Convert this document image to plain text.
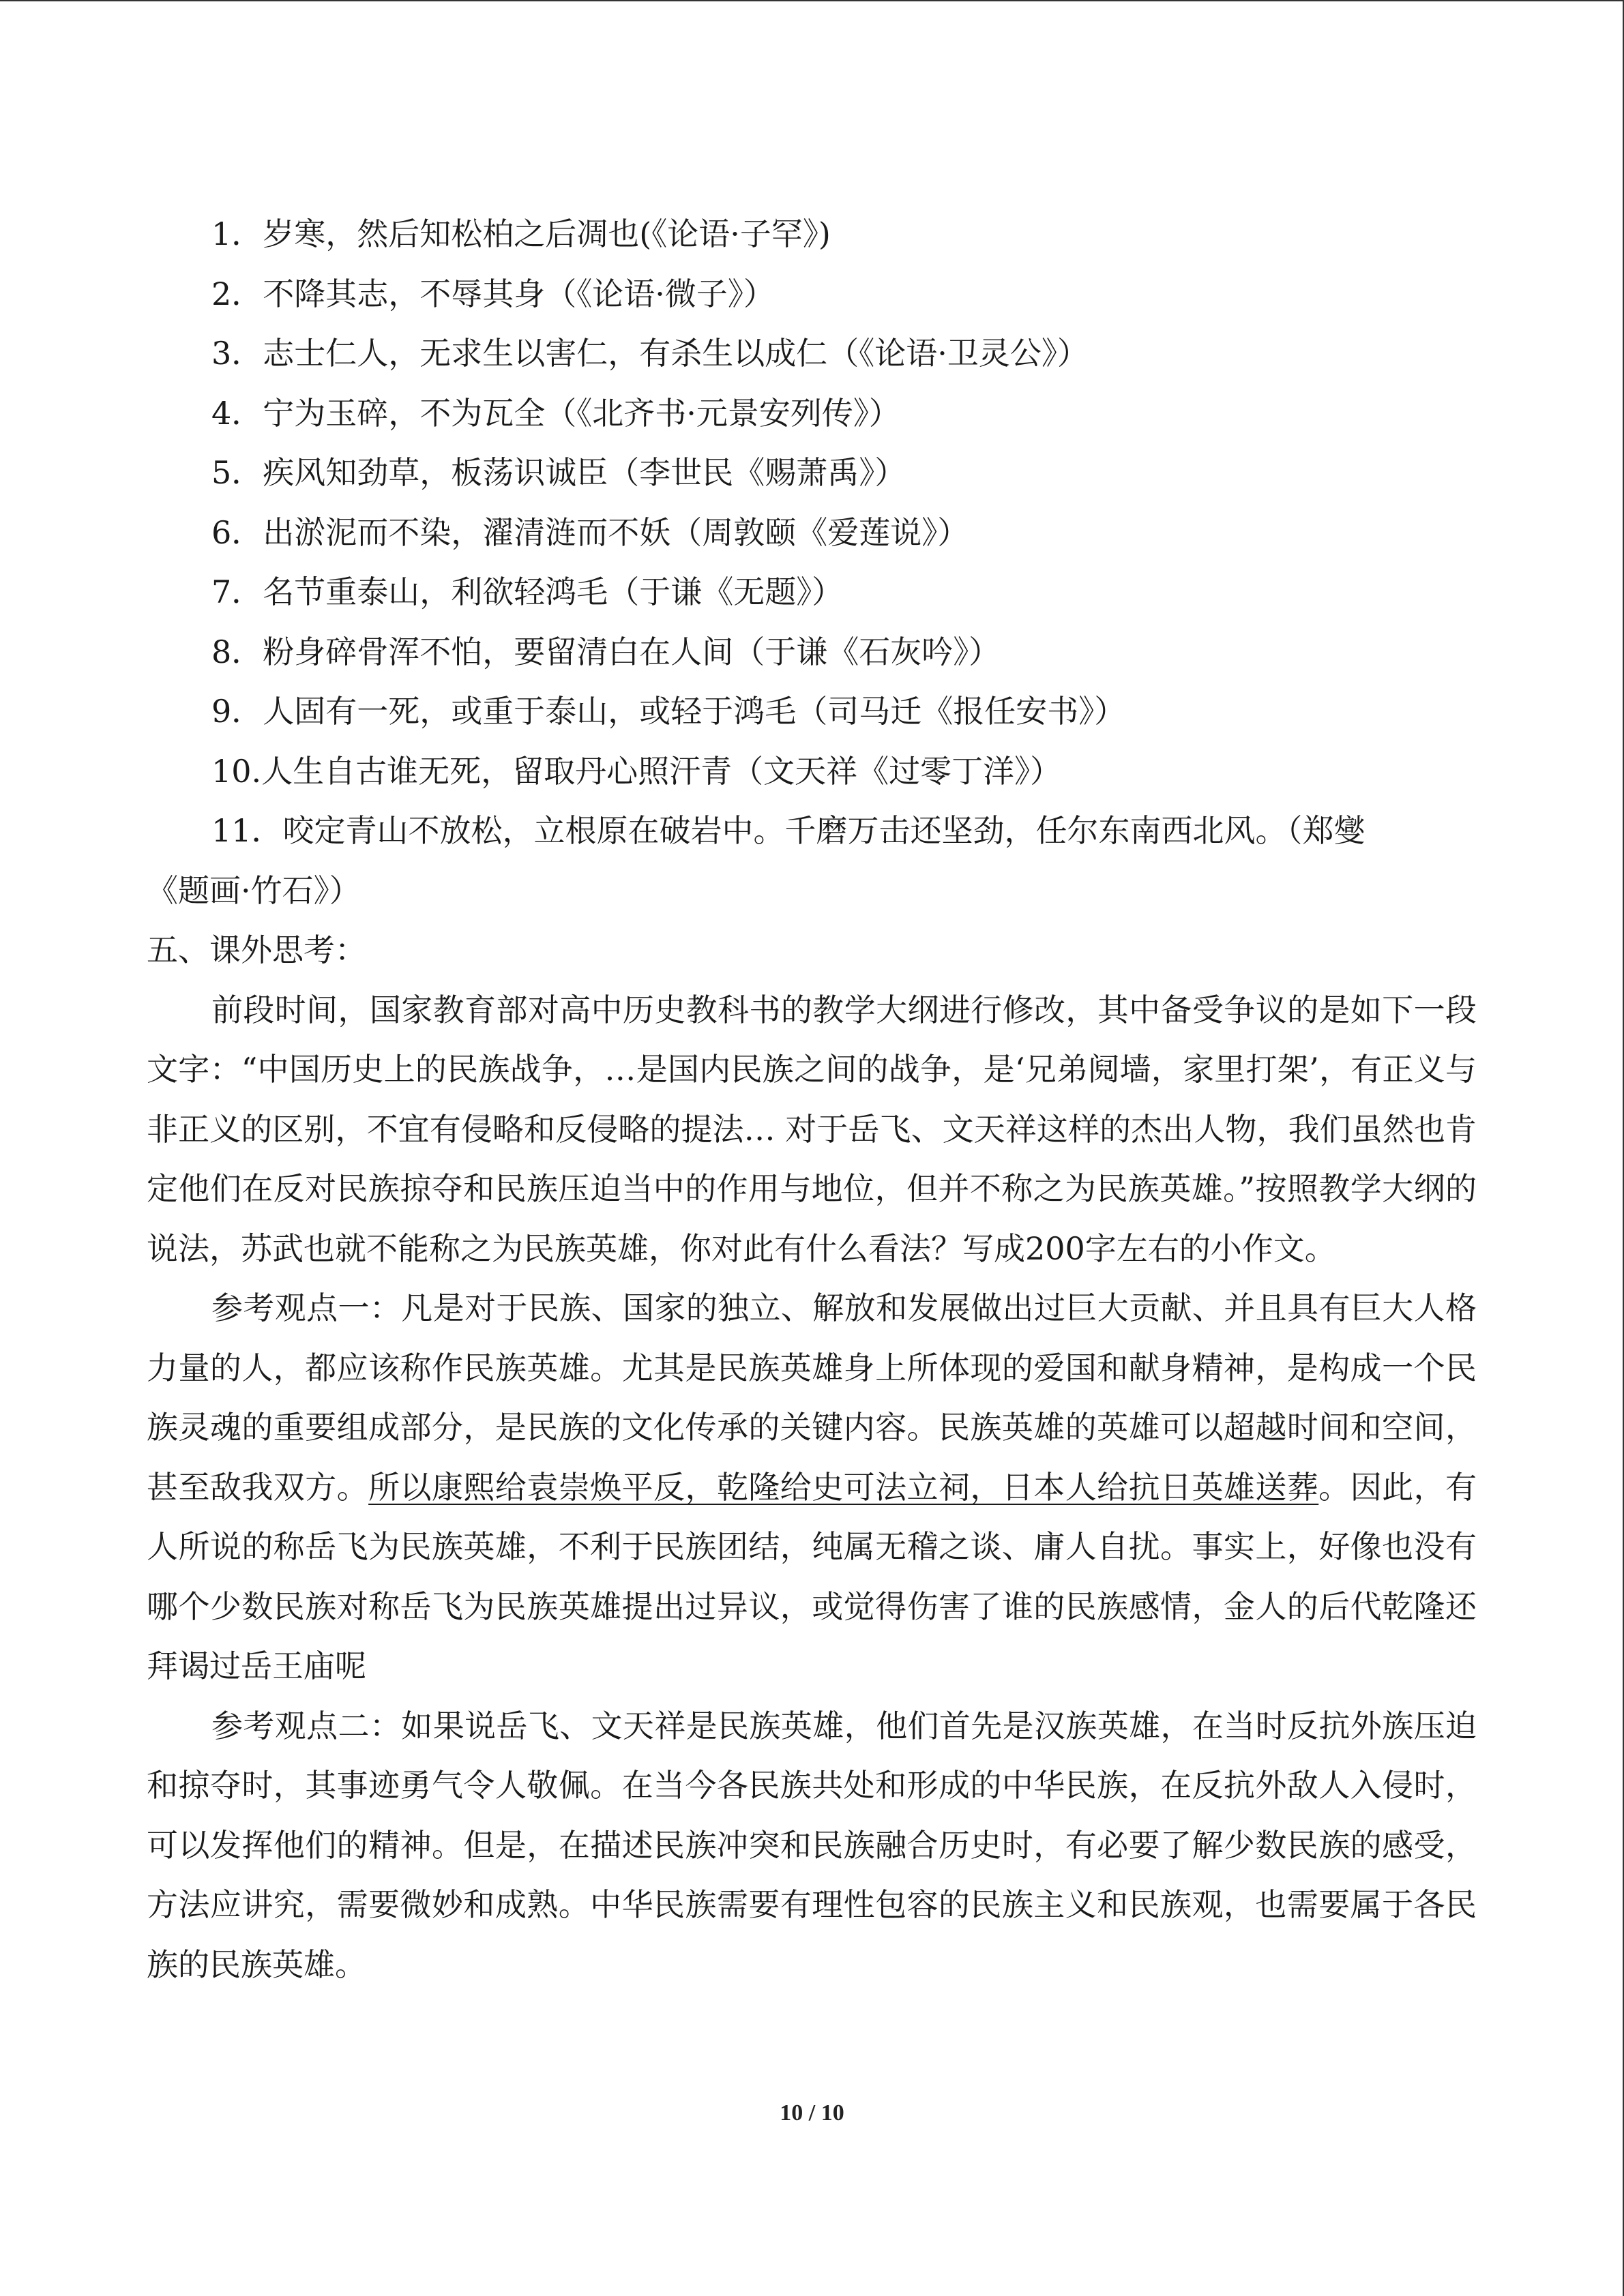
1．岁寒，然后知松柏之后凋也(《论语·子罕》)

2．不降其志，不辱其身（《论语·微子》）

3．志士仁人，无求生以害仁，有杀生以成仁（《论语·卫灵公》）

4．宁为玉碎，不为瓦全（《北齐书·元景安列传》）

5．疾风知劲草，板荡识诚臣（李世民《赐萧禹》）

6．出淤泥而不染，濯清涟而不妖（周敦颐《爱莲说》）

7．名节重泰山，利欲轻鸿毛（于谦《无题》）

8．粉身碎骨浑不怕，要留清白在人间（于谦《石灰吟》）

9．人固有一死，或重于泰山，或轻于鸿毛（司马迁《报任安书》）

10.人生自古谁无死，留取丹心照汗青（文天祥《过零丁洋》）

11．咬定青山不放松，立根原在破岩中。千磨万击还坚劲，任尔东南西北风。（郑燮

《题画·竹石》）

五、课外思考：

前段时间，国家教育部对高中历史教科书的教学大纲进行修改，其中备受争议的是如下一段文字：“中国历史上的民族战争，…是国内民族之间的战争，是‘兄弟阋墙，家里打架’，有正义与非正义的区别，不宜有侵略和反侵略的提法… 对于岳飞、文天祥这样的杰出人物，我们虽然也肯定他们在反对民族掠夺和民族压迫当中的作用与地位，但并不称之为民族英雄。”按照教学大纲的说法，苏武也就不能称之为民族英雄，你对此有什么看法？写成200字左右的小作文。

参考观点一：凡是对于民族、国家的独立、解放和发展做出过巨大贡献、并且具有巨大人格力量的人，都应该称作民族英雄。尤其是民族英雄身上所体现的爱国和献身精神，是构成一个民族灵魂的重要组成部分，是民族的文化传承的关键内容。民族英雄的英雄可以超越时间和空间，甚至敌我双方。所以康熙给袁崇焕平反，乾隆给史可法立祠，日本人给抗日英雄送葬。因此，有人所说的称岳飞为民族英雄，不利于民族团结，纯属无稽之谈、庸人自扰。事实上，好像也没有哪个少数民族对称岳飞为民族英雄提出过异议，或觉得伤害了谁的民族感情，金人的后代乾隆还拜谒过岳王庙呢

参考观点二：如果说岳飞、文天祥是民族英雄，他们首先是汉族英雄，在当时反抗外族压迫和掠夺时，其事迹勇气令人敬佩。在当今各民族共处和形成的中华民族，在反抗外敌人入侵时，可以发挥他们的精神。但是，在描述民族冲突和民族融合历史时，有必要了解少数民族的感受，方法应讲究，需要微妙和成熟。中华民族需要有理性包容的民族主义和民族观，也需要属于各民族的民族英雄。

10 / 10
